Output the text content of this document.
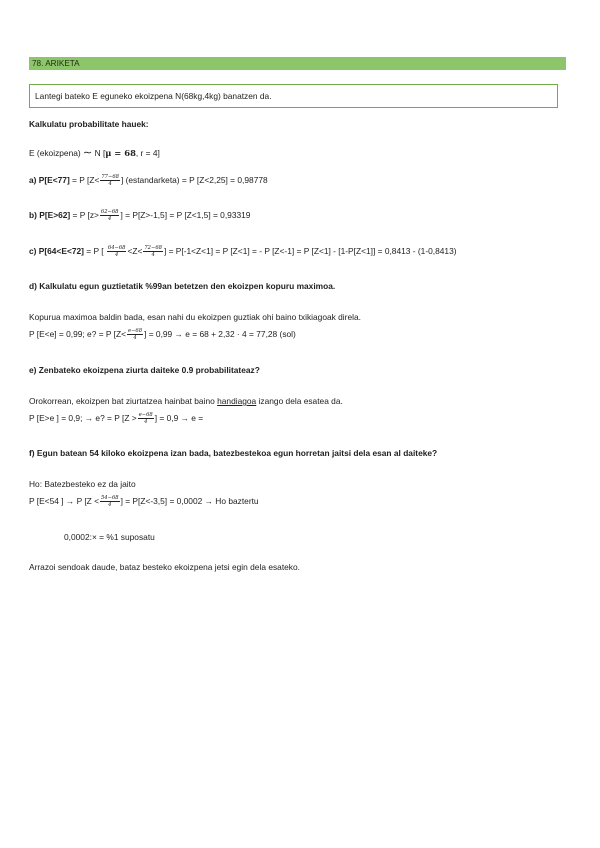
78. ARIKETA
Lantegi bateko E eguneko ekoizpena N(68kg,4kg) banatzen da.
Kalkulatu probabilitate hauek:
E (ekoizpena) ∼ N [μ = 68, r = 4]
a) P[E<77] = P [$Z< \frac{77-68}{4}$ ] (estandarketa) = P [Z<2,25] = 0,98778
b) P[E>62] = P [$z> \frac{62-68}{4}$ ] = P[Z>-1,5] = P [Z<1,5] = 0,93319
c) P[64<E<72] = P [ $\frac{64-68}{4} <Z< \frac{72-68}{4}$ ] = P[-1<Z<1] = P [Z<1] = - P [Z<-1] = P [Z<1] - [1-P[Z<1]] = 0,8413 - (1-0,8413)
d) Kalkulatu egun guztietatik %99an betetzen den ekoizpen kopuru maximoa.
Kopurua maximoa baldin bada, esan nahi du ekoizpen guztiak ohi baino txikiagoak direla.
P [E<e] = 0,99; e? = P [$Z< \frac{e-68}{4}$ ] = 0,99 → e = 68 + 2,32 · 4 = 77,28 (sol)
e) Zenbateko ekoizpena ziurta daiteke 0.9 probabilitateaz?
Orokorrean, ekoizpen bat ziurtatzea hainbat baino handiagoa izango dela esatea da.
P [E>e ] = 0,9; → e? = P [$Z > \frac{e-68}{4}$ ] = 0,9 → e =
f) Egun batean 54 kiloko ekoizpena izan bada, batezbestekoa egun horretan jaitsi dela esan al daiteke?
Ho: Batezbesteko ez da jaito
P [E<54 ] → P [$Z < \frac{54-68}{4}$ ] = P[Z<-3,5] = 0,0002 → Ho baztertu
0,0002:× = %1 suposatu
Arrazoi sendoak daude, bataz besteko ekoizpena jetsi egin dela esateko.
